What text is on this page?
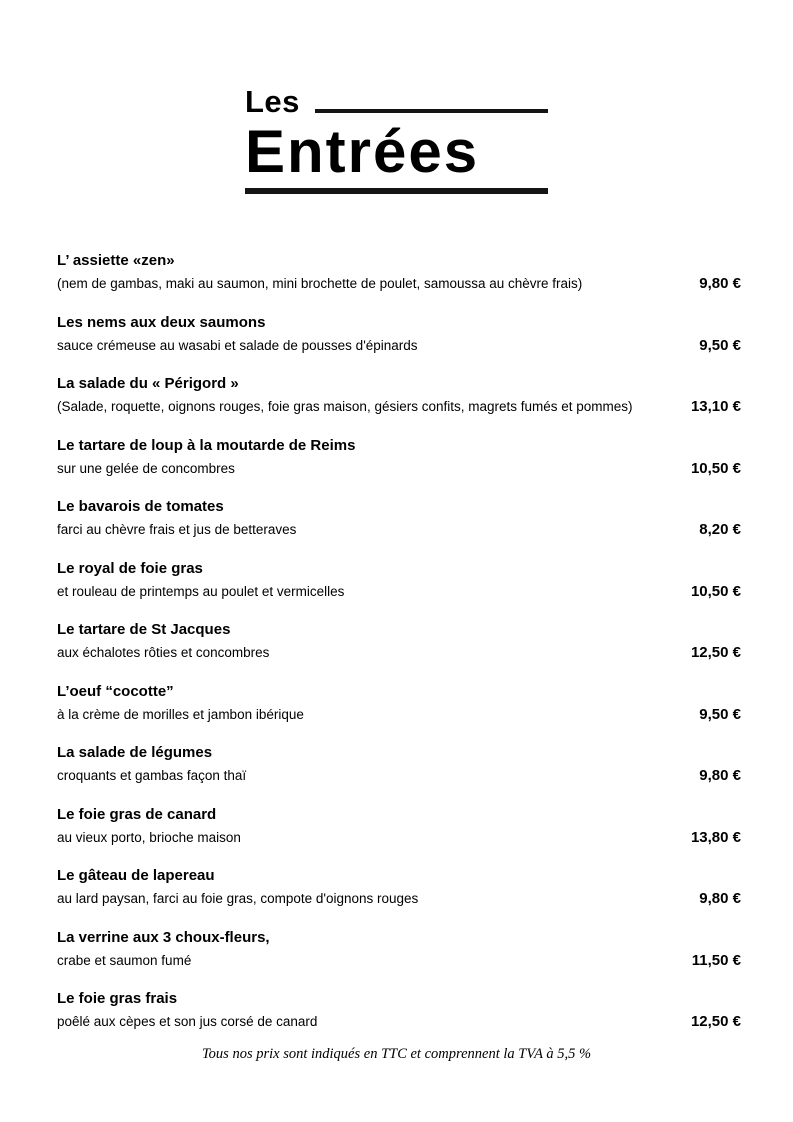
Les
Entrées
L’ assiette «zen»
(nem de gambas, maki au saumon, mini brochette de poulet, samoussa au chèvre frais)	9,80 €
Les nems aux deux saumons
sauce crémeuse au wasabi et salade de pousses d'épinards	9,50 €
La salade du « Périgord »
(Salade, roquette, oignons rouges, foie gras maison, gésiers confits, magrets fumés et pommes)	13,10 €
Le tartare de loup à la moutarde de Reims
sur une gelée de concombres	10,50 €
Le bavarois de tomates
farci au chèvre frais et jus de betteraves	8,20 €
Le royal de foie gras
et rouleau de printemps au poulet et vermicelles	10,50 €
Le tartare de St Jacques
aux échalotes rôties et concombres	12,50 €
L’oeuf “cocotte”
à la crème de morilles et jambon ibérique	9,50 €
La salade de légumes
croquants et gambas façon thaï	9,80 €
Le foie gras de canard
au vieux porto, brioche maison	13,80 €
Le gâteau de lapereau
au lard paysan, farci au foie gras, compote d'oignons rouges	9,80 €
La verrine aux 3 choux-fleurs,
crabe et saumon fumé	11,50 €
Le foie gras frais
poêlé aux cèpes et son jus corsé de canard	12,50 €
Tous nos prix sont indiqués en TTC et comprennent la TVA à 5,5 %
